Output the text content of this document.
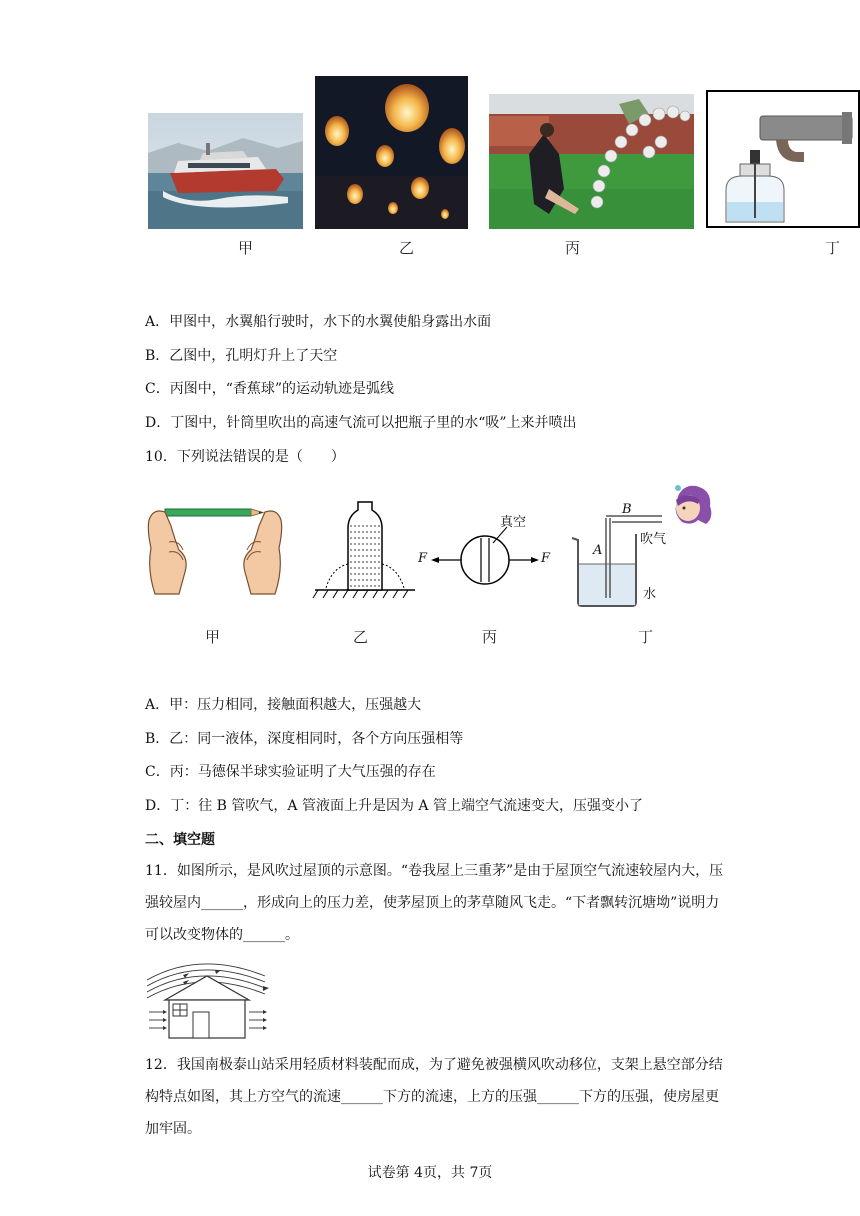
甲	乙	丙	丁
A．甲图中，水翼船行驶时，水下的水翼使船身露出水面
B．乙图中，孔明灯升上了天空
C．丙图中，“香蕉球”的运动轨迹是弧线
D．丁图中，针筒里吹出的高速气流可以把瓶子里的水“吸”上来并喷出
10．下列说法错误的是（　　）
F	F
真空
B
A
吹气
水
甲	乙	丙	丁
A．甲：压力相同，接触面积越大，压强越大
B．乙：同一液体，深度相同时，各个方向压强相等
C．丙：马德保半球实验证明了大气压强的存在
D．丁：往 B 管吹气，A 管液面上升是因为 A 管上端空气流速变大，压强变小了
二、填空题
11．如图所示，是风吹过屋顶的示意图。“卷我屋上三重茅”是由于屋顶空气流速较屋内大，压强较屋内______，形成向上的压力差，使茅屋顶上的茅草随风飞走。“下者飘转沉塘坳”说明力可以改变物体的______。
12．我国南极泰山站采用轻质材料装配而成，为了避免被强横风吹动移位，支架上悬空部分结构特点如图，其上方空气的流速______下方的流速，上方的压强______下方的压强，使房屋更加牢固。
试卷第 4页，共 7页
